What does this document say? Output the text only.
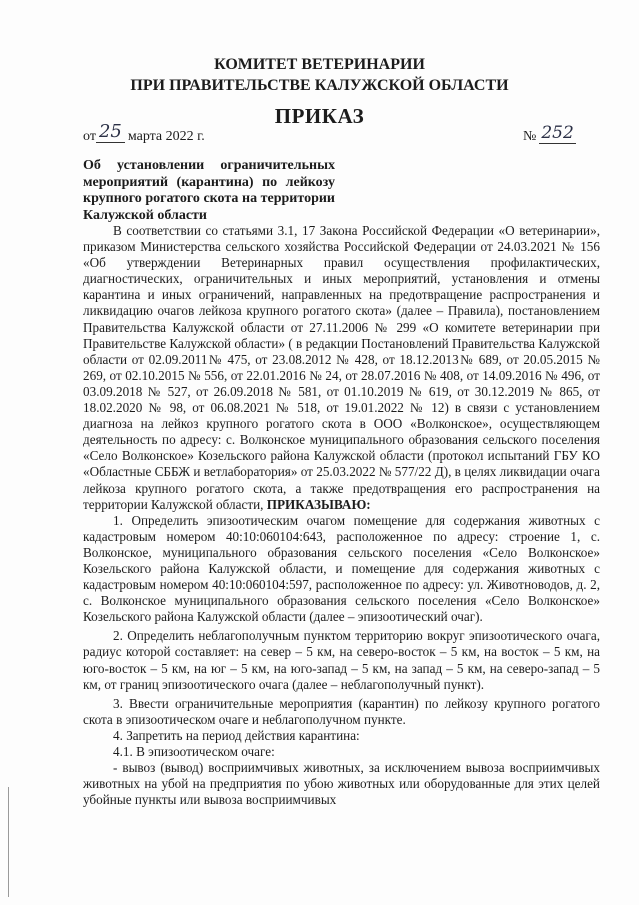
КОМИТЕТ ВЕТЕРИНАРИИ
ПРИ ПРАВИТЕЛЬСТВЕ КАЛУЖСКОЙ ОБЛАСТИ
ПРИКАЗ
от 25 марта 2022 г.	№ 252
Об установлении ограничительных мероприятий (карантина) по лейкозу крупного рогатого скота на территории Калужской области

В соответствии со статьями 3.1, 17 Закона Российской Федерации «О ветеринарии», приказом Министерства сельского хозяйства Российской Федерации от 24.03.2021 № 156 «Об утверждении Ветеринарных правил осуществления профилактических, диагностических, ограничительных и иных мероприятий, установления и отмены карантина и иных ограничений, направленных на предотвращение распространения и ликвидацию очагов лейкоза крупного рогатого скота» (далее – Правила), постановлением Правительства Калужской области от 27.11.2006 № 299 «О комитете ветеринарии при Правительстве Калужской области» ( в редакции Постановлений Правительства Калужской области от 02.09.2011№ 475, от 23.08.2012 № 428, от 18.12.2013№ 689, от 20.05.2015 № 269, от 02.10.2015 № 556, от 22.01.2016 № 24, от 28.07.2016 № 408, от 14.09.2016 № 496, от 03.09.2018 № 527, от 26.09.2018 № 581, от 01.10.2019 № 619, от 30.12.2019 № 865, от 18.02.2020 № 98, от 06.08.2021 № 518, от 19.01.2022 № 12) в связи с установлением диагноза на лейкоз крупного рогатого скота в ООО «Волконское», осуществляющем деятельность по адресу: с. Волконское муниципального образования сельского поселения «Село Волконское» Козельского района Калужской области (протокол испытаний ГБУ КО «Областные СББЖ и ветлаборатория» от 25.03.2022 № 577/22 Д), в целях ликвидации очага лейкоза крупного рогатого скота, а также предотвращения его распространения на территории Калужской области, ПРИКАЗЫВАЮ:

1. Определить эпизоотическим очагом помещение для содержания животных с кадастровым номером 40:10:060104:643, расположенное по адресу: строение 1, с. Волконское, муниципального образования сельского поселения «Село Волконское» Козельского района Калужской области, и помещение для содержания животных с кадастровым номером 40:10:060104:597, расположенное по адресу: ул. Животноводов, д. 2, с. Волконское муниципального образования сельского поселения «Село Волконское» Козельского района Калужской области (далее – эпизоотический очаг).

2. Определить неблагополучным пунктом территорию вокруг эпизоотического очага, радиус которой составляет: на север – 5 км, на северо-восток – 5 км, на восток – 5 км, на юго-восток – 5 км, на юг – 5 км, на юго-запад – 5 км, на запад – 5 км, на северо-запад – 5 км, от границ эпизоотического очага (далее – неблагополучный пункт).

3. Ввести ограничительные мероприятия (карантин) по лейкозу крупного рогатого скота в эпизоотическом очаге и неблагополучном пункте.

4. Запретить на период действия карантина:

4.1. В эпизоотическом очаге:

- вывоз (вывод) восприимчивых животных, за исключением вывоза восприимчивых животных на убой на предприятия по убою животных или оборудованные для этих целей убойные пункты или вывоза восприимчивых
